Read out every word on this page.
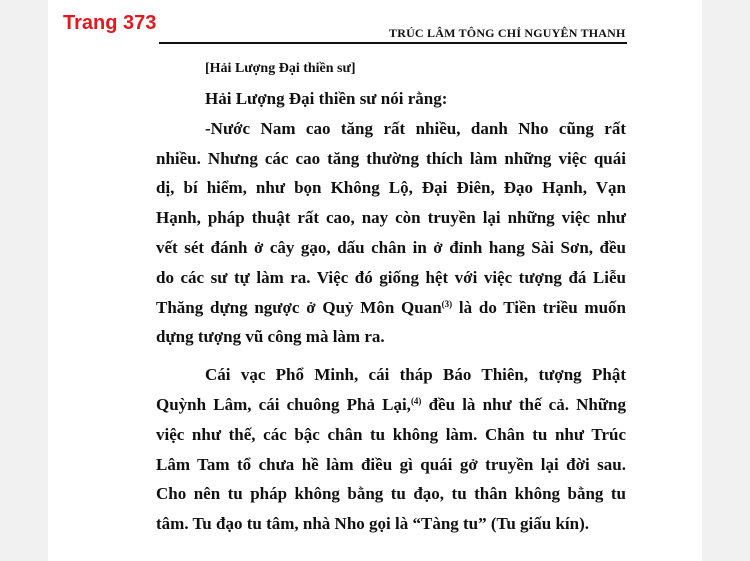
Trang 373	TRÚC LÂM TÔNG CHỈ NGUYÊN THANH
[Hải Lượng Đại thiền sư]
Hải Lượng Đại thiền sư nói rằng:
-Nước Nam cao tăng rất nhiều, danh Nho cũng rất
nhiều. Nhưng các cao tăng thường thích làm những việc quái
dị, bí hiểm, như bọn Không Lộ, Đại Điên, Đạo Hạnh, Vạn
Hạnh, pháp thuật rất cao, nay còn truyền lại những việc như
vết sét đánh ở cây gạo, dấu chân in ở đỉnh hang Sài Sơn, đều
do các sư tự làm ra. Việc đó giống hệt với việc tượng đá Liễu
Thăng dựng ngược ở Quỷ Môn Quan$^{(3)}$ là do Tiền triều muốn
dựng tượng vũ công mà làm ra.
Cái vạc Phổ Minh, cái tháp Báo Thiên, tượng Phật
Quỳnh Lâm, cái chuông Phả Lại,$^{(4)}$ đều là như thế cả. Những
việc như thế, các bậc chân tu không làm. Chân tu như Trúc
Lâm Tam tổ chưa hề làm điều gì quái gở truyền lại đời sau.
Cho nên tu pháp không bằng tu đạo, tu thân không bằng tu
tâm. Tu đạo tu tâm, nhà Nho gọi là “Tàng tu” (Tu giấu kín).
